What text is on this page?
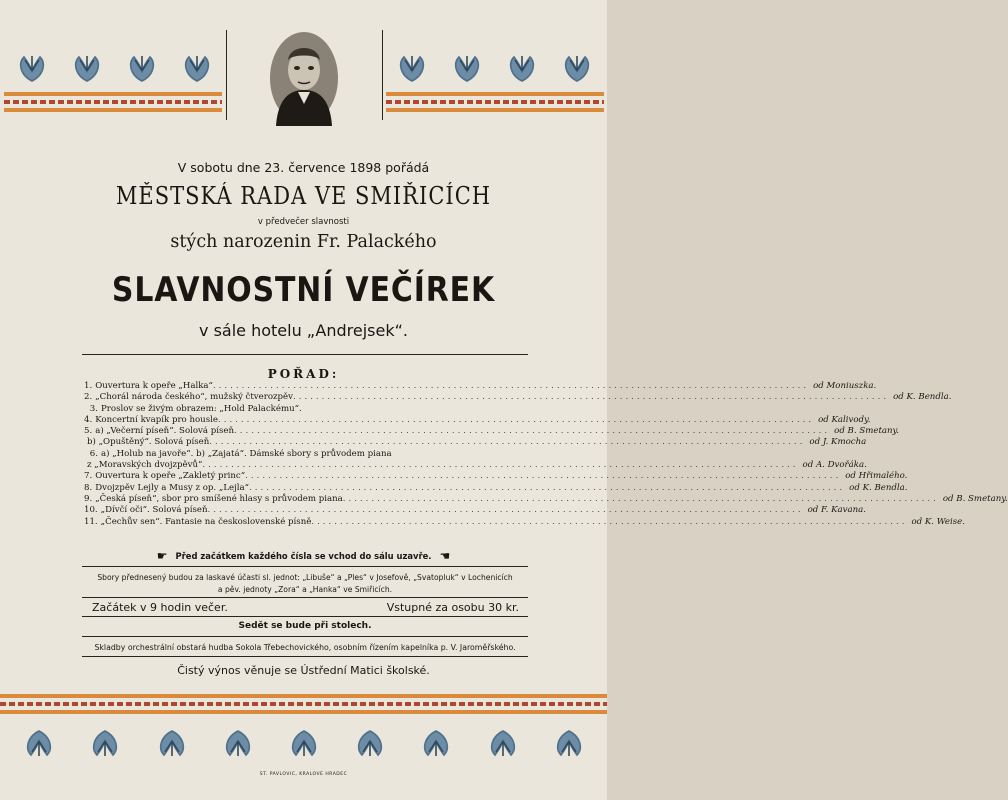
V sobotu dne 23. července 1898 pořádá
MĚSTSKÁ RADA VE SMIŘICÍCH
v předvečer slavnosti
stých narozenin Fr. Palackého
SLAVNOSTNÍ VEČÍREK
v sále hotelu „Andrejsek“.
POŘAD:
1. Ouvertura k opeře „Halka“ ........................................................................................................ od Moniuszka.
2. „Chorál národa českého“, mužský čtverozpěv ........................................................................................................ od K. Bendla.
3. Proslov se živým obrazem: „Hold Palackému“.
4. Koncertní kvapík pro housle ........................................................................................................ od Kalivody.
5. a) „Večerní píseň“. Solová píseň ........................................................................................................ od B. Smetany.
b) „Opuštěný“. Solová píseň ........................................................................................................ od J. Kmocha
6. a) „Holub na javoře“. b) „Zajatá“. Dámské sbory s průvodem piana
z „Moravských dvojzpěvů“ ........................................................................................................ od A. Dvořáka.
7. Ouvertura k opeře „Zakletý princ“ ........................................................................................................ od Hřimalého.
8. Dvojzpěv Lejly a Musy z op. „Lejla“ ........................................................................................................ od K. Bendla.
9. „Česká píseň“, sbor pro smíšené hlasy s průvodem piana ........................................................................................................ od B. Smetany.
10. „Dívčí oči“. Solová píseň ........................................................................................................ od F. Kavana.
11. „Čechův sen“. Fantasie na československé písně ........................................................................................................ od K. Weise.
☛ Před začátkem každého čísla se vchod do sálu uzavře. ☚
Sbory přednesený budou za laskavé účasti sl. jednot: „Libuše“ a „Ples“ v Josefově, „Svatopluk“ v Lochenicích
a pěv. jednoty „Zora“ a „Hanka“ ve Smiřicích.
Začátek v 9 hodin večer.	Vstupné za osobu 30 kr.
Sedět se bude při stolech.
Skladby orchestrální obstará hudba Sokola Třebechovického, osobním řízením kapelníka p. V. Jaroměřského.
Čistý výnos věnuje se Ústřední Matici školské.
ST. PAVLOVIC, KRALOVE HRADEC
